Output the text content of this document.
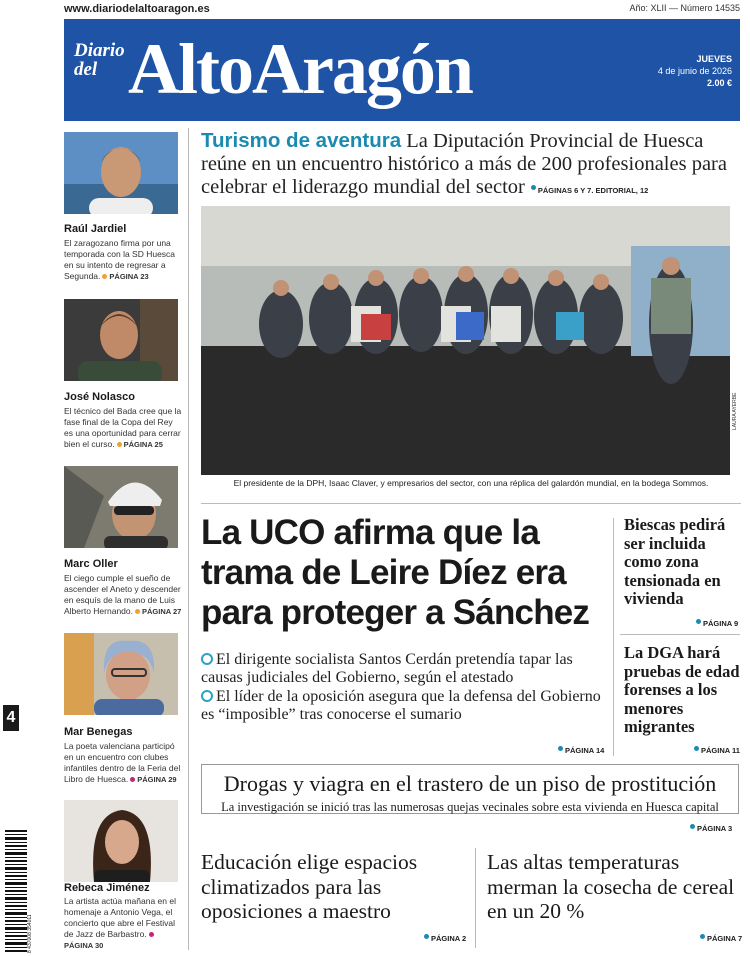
www.diariodelaltoaragon.es	Año: XLII — Número 14535
Diario
del AltoAragón	JUEVES
4 de junio de 2026
2.00 €
Raúl Jardiel
El zaragozano firma por una temporada con la SD Huesca en su intento de regresar a Segunda. PÁGINA 23
José Nolasco
El técnico del Bada cree que la fase final de la Copa del Rey es una oportunidad para cerrar bien el curso. PÁGINA 25
Marc Oller
El ciego cumple el sueño de ascender el Aneto y descender en esquís de la mano de Luis Alberto Hernando. PÁGINA 27
Mar Benegas
La poeta valenciana participó en un encuentro con clubes infantiles dentro de la Feria del Libro de Huesca. PÁGINA 29
Rebeca Jiménez
La artista actúa mañana en el homenaje a Antonio Vega, el concierto que abre el Festival de Jazz de Barbastro.PÁGINA 30
Turismo de aventura La Diputación Provincial de Huesca reúne en un encuentro histórico a más de 200 profesionales para celebrar el liderazgo mundial del sector PÁGINAS 6 Y 7. EDITORIAL, 12
LAURA AYERBE
El presidente de la DPH, Isaac Claver, y empresarios del sector, con una réplica del galardón mundial, en la bodega Sommos.
La UCO afirma que la trama de Leire Díez era para proteger a Sánchez
El dirigente socialista Santos Cerdán pretendía tapar las causas judiciales del Gobierno, según el atestado
El líder de la oposición asegura que la defensa del Gobierno es “imposible” tras conocerse el sumario
PÁGINA 14
Biescas pedirá ser incluida como zona tensionada en vivienda
PÁGINA 9
La DGA hará pruebas de edad forenses a los menores migrantes
PÁGINA 11
Drogas y viagra en el trastero de un piso de prostitución
La investigación se inició tras las numerosas quejas vecinales sobre esta vivienda en Huesca capital
PÁGINA 3
Educación elige espacios climatizados para las oposiciones a maestro
PÁGINA 2
Las altas temperaturas merman la cosecha de cereal en un 20 %
PÁGINA 7
4
8 437008 354011
